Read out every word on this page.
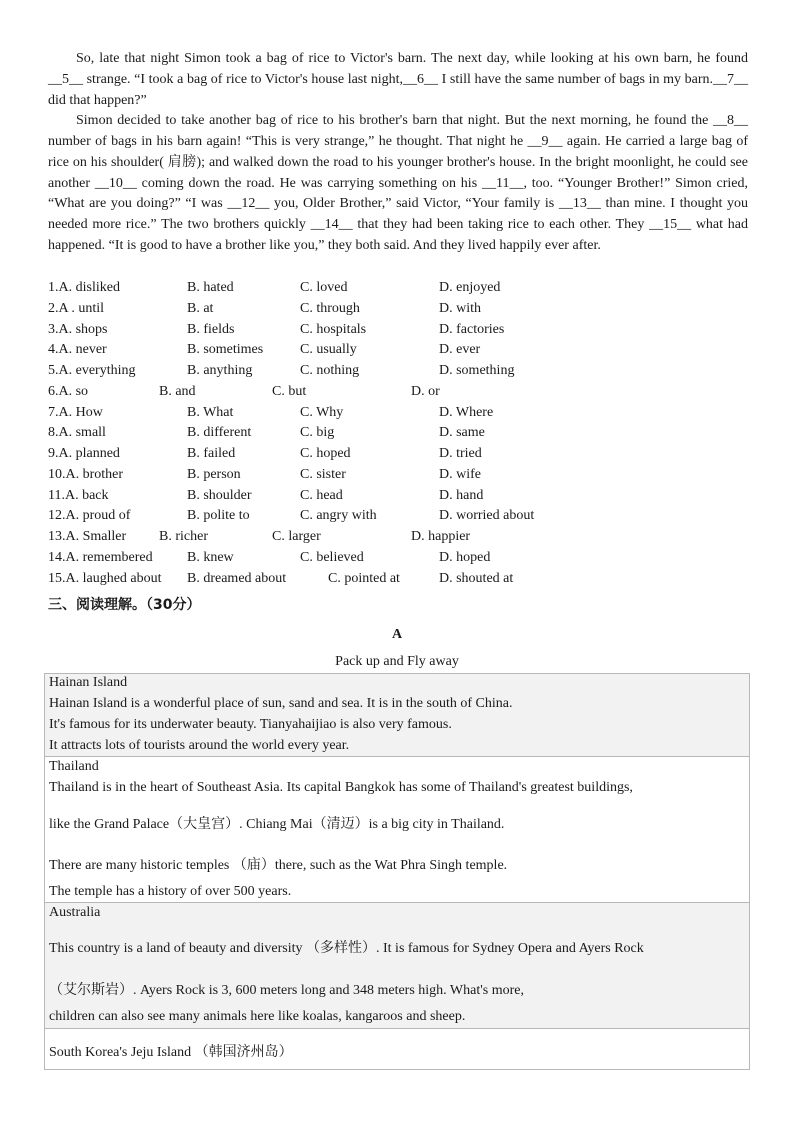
So, late that night Simon took a bag of rice to Victor's barn. The next day, while looking at his own barn, he found __5__ strange. “I took a bag of rice to Victor's house last night,__6__ I still have the same number of bags in my barn.__7__ did that happen?”

Simon decided to take another bag of rice to his brother's barn that night. But the next morning, he found the __8__ number of bags in his barn again! “This is very strange,” he thought. That night he __9__ again. He carried a large bag of rice on his shoulder( 肩膀); and walked down the road to his younger brother's house. In the bright moonlight, he could see another __10__ coming down the road. He was carrying something on his __11__, too. “Younger Brother!” Simon cried, “What are you doing?” “I was __12__ you, Older Brother,” said Victor, “Your family is __13__ than mine. I thought you needed more rice.” The two brothers quickly __14__ that they had been taking rice to each other. They __15__ what had happened. “It is good to have a brother like you,” they both said. And they lived happily ever after.

1.A. disliked	B. hated	C. loved	D. enjoyed
2.A . until	B. at	C. through	D. with
3.A. shops	B. fields	C. hospitals	D. factories
4.A. never	B. sometimes	C. usually	D. ever
5.A. everything	B. anything	C. nothing	D. something
6.A. so	B. and	C. but	D. or
7.A. How	B. What	C. Why	D. Where
8.A. small	B. different	C. big	D. same
9.A. planned	B. failed	C. hoped	D. tried
10.A. brother	B. person	C. sister	D. wife
11.A. back	B. shoulder	C. head	D. hand
12.A. proud of	B. polite to	C. angry with	D. worried about
13.A. Smaller B. richer	C. larger	D. happier
14.A. remembered B. knew	C. believed	D. hoped
15.A. laughed about B. dreamed about	C. pointed at	D. shouted at
三、阅读理解。（30分）
A
Pack up and Fly away
Hainan Island
Hainan Island is a wonderful place of sun, sand and sea. It is in the south of China.
It's famous for its underwater beauty. Tianyahaijiao is also very famous.
It attracts lots of tourists around the world every year.
Thailand
Thailand is in the heart of Southeast Asia. Its capital Bangkok has some of Thailand's greatest buildings,
like the Grand Palace（大皇宫）. Chiang Mai（清迈）is a big city in Thailand.
There are many historic temples （庙）there, such as the Wat Phra Singh temple.
The temple has a history of over 500 years.
Australia
This country is a land of beauty and diversity （多样性）. It is famous for Sydney Opera and Ayers Rock
（艾尔斯岩）. Ayers Rock is 3, 600 meters long and 348 meters high. What's more,
children can also see many animals here like koalas, kangaroos and sheep.
South Korea's Jeju Island （韩国济州岛）
